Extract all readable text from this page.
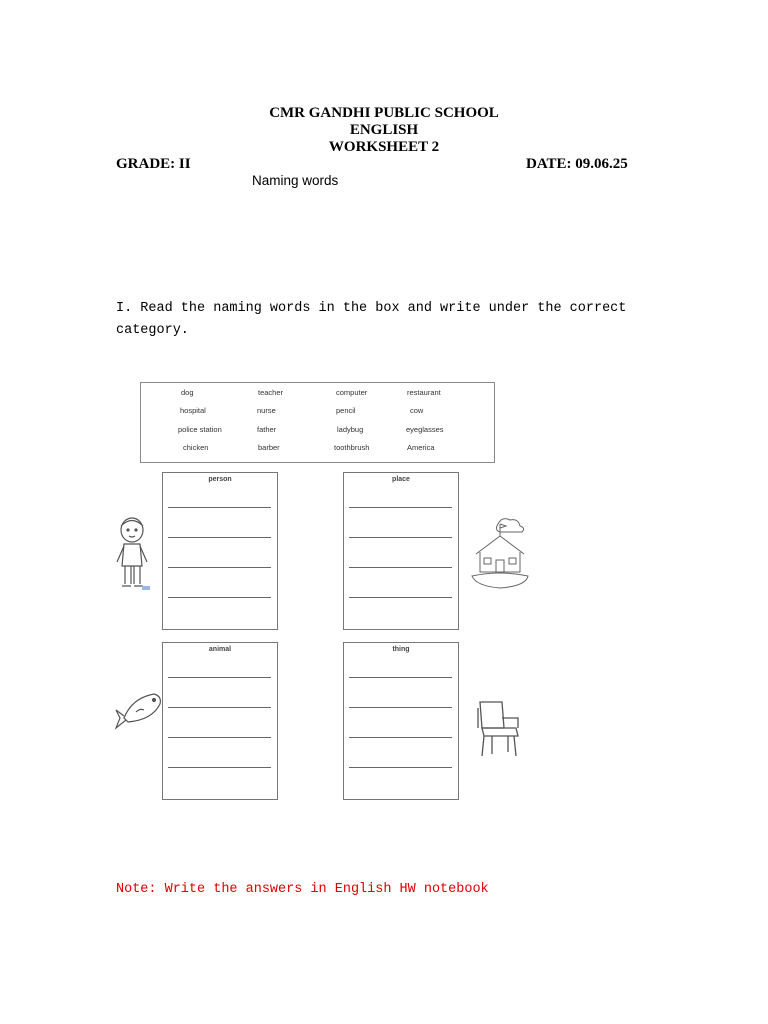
CMR GANDHI PUBLIC SCHOOL
ENGLISH
WORKSHEET 2
GRADE: II	DATE: 09.06.25
Naming words
I. Read the naming words in the box and write under the correct
category.
dog	teacher	computer	restaurant
hospital	nurse	pencil	cow
police station	father	ladybug	eyeglasses
chicken	barber	toothbrush	America
person	place
animal	thing
Note: Write the answers in English HW notebook
